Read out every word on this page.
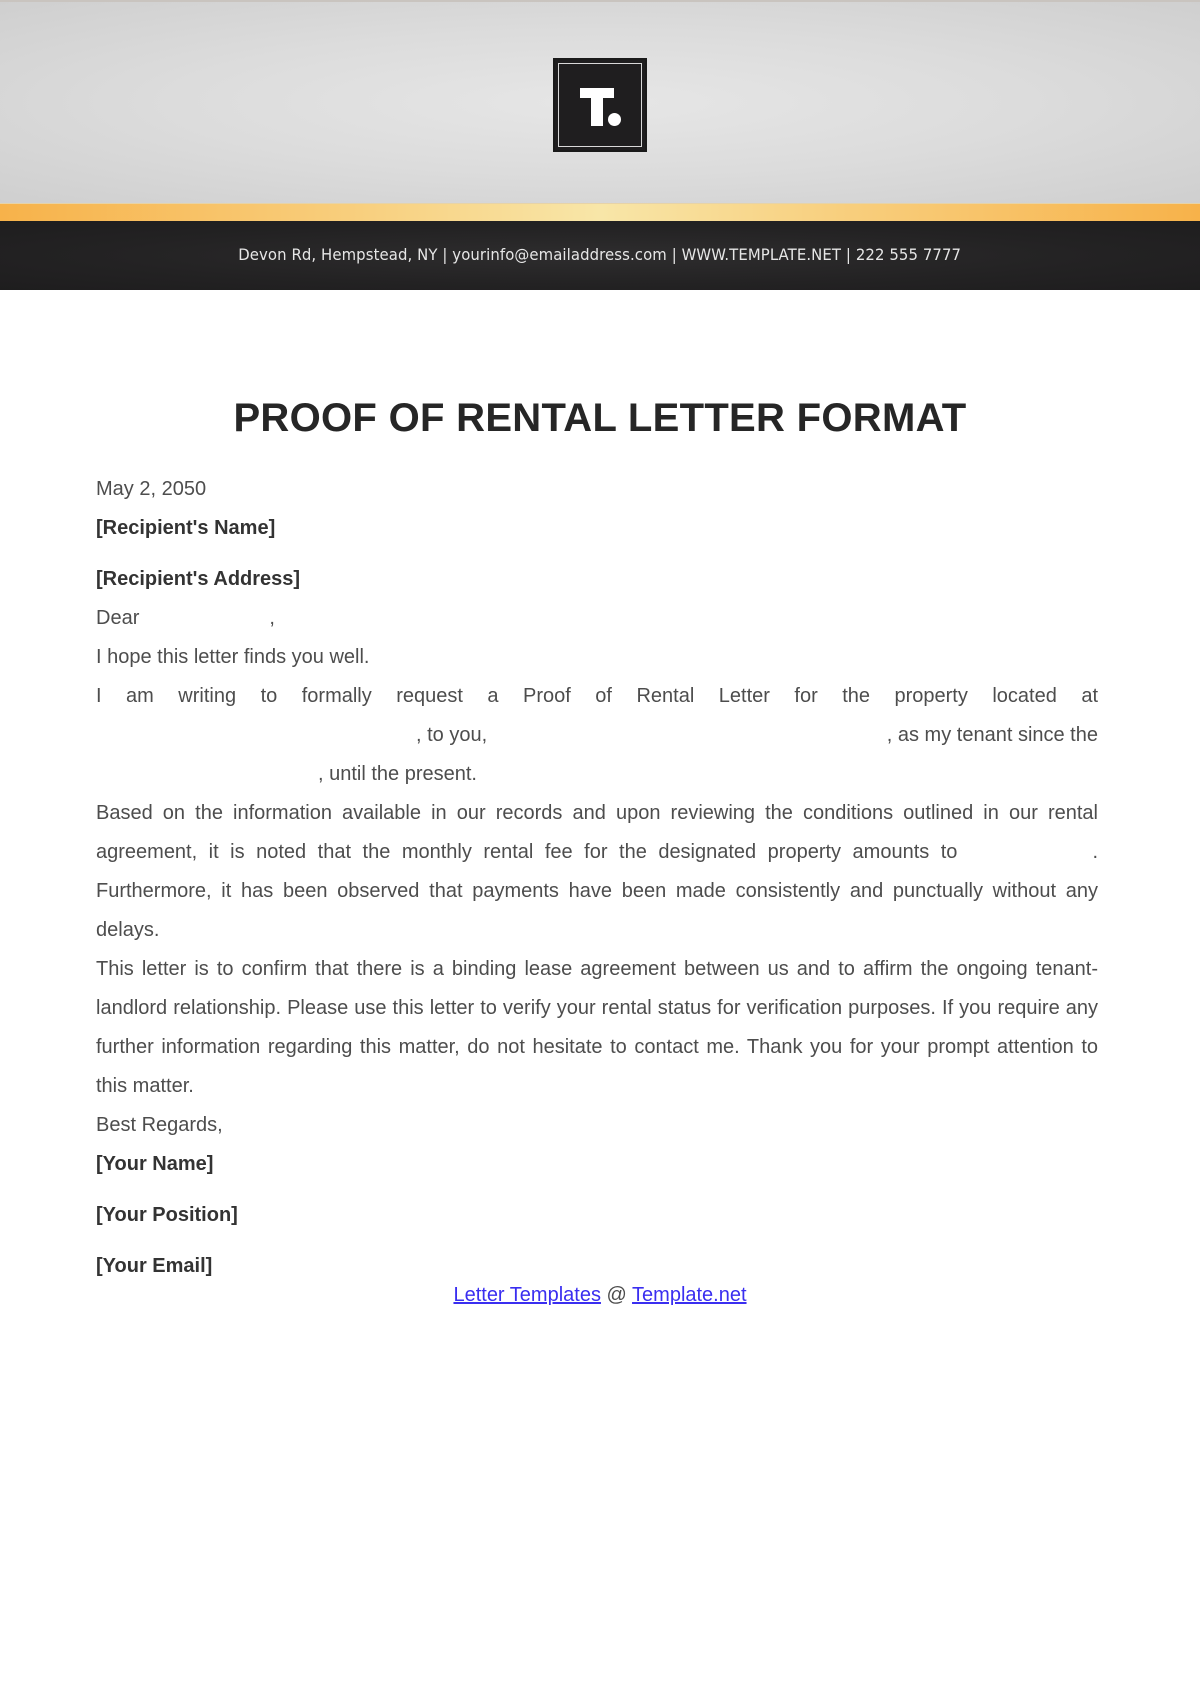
Devon Rd, Hempstead, NY | yourinfo@emailaddress.com | WWW.TEMPLATE.NET | 222 555 7777
PROOF OF RENTAL LETTER FORMAT
May 2, 2050
[Recipient's Name]
[Recipient's Address]
Dear	,
I hope this letter finds you well.
I am writing to formally request a Proof of Rental Letter for the property located at
, to you,	, as my tenant since the
, until the present.
Based on the information available in our records and upon reviewing the conditions outlined in our rental agreement, it is noted that the monthly rental fee for the designated property amounts to	. Furthermore, it has been observed that payments have been made consistently and punctually without any delays.
This letter is to confirm that there is a binding lease agreement between us and to affirm the ongoing tenant-landlord relationship. Please use this letter to verify your rental status for verification purposes. If you require any further information regarding this matter, do not hesitate to contact me. Thank you for your prompt attention to this matter.
Best Regards,
[Your Name]
[Your Position]
[Your Email]
Letter Templates @ Template.net
